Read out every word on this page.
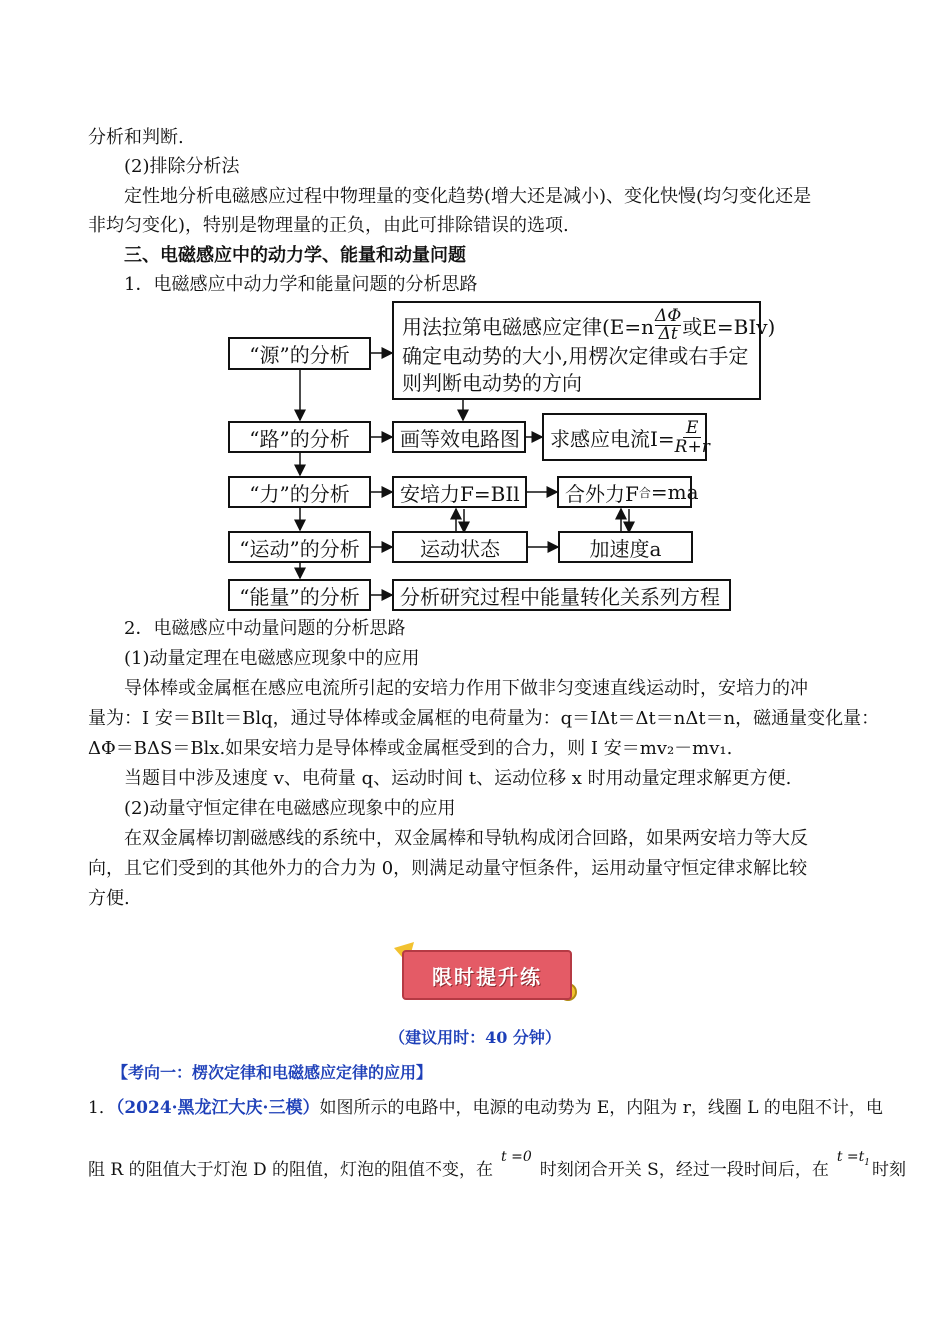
分析和判断.
(2)排除分析法
定性地分析电磁感应过程中物理量的变化趋势(增大还是减小)、变化快慢(均匀变化还是
非均匀变化)，特别是物理量的正负，由此可排除错误的选项.
三、电磁感应中的动力学、能量和动量问题
1．电磁感应中动力学和能量问题的分析思路
“源”的分析
“路”的分析
“力”的分析
“运动”的分析
“能量”的分析
用法拉第电磁感应定律(E=n ΔΦ
Δt 或E=BIv)
确定电动势的大小,用楞次定律或右手定
则判断电动势的方向
画等效电路图	求感应电流$I= \frac{E}{R+r}$
安培力F=BIl	合外力F 合 =ma
运动状态	加速度a
分析研究过程中能量转化关系列方程
2．电磁感应中动量问题的分析思路
(1)动量定理在电磁感应现象中的应用
导体棒或金属框在感应电流所引起的安培力作用下做非匀变速直线运动时，安培力的冲
量为：I 安＝BIlt＝Blq，通过导体棒或金属框的电荷量为：q＝IΔt＝Δt＝nΔt＝n，磁通量变化量：
ΔΦ＝BΔS＝Blx.如果安培力是导体棒或金属框受到的合力，则 I 安＝mv₂－mv₁.
当题目中涉及速度 v、电荷量 q、运动时间 t、运动位移 x 时用动量定理求解更方便.
(2)动量守恒定律在电磁感应现象中的应用
在双金属棒切割磁感线的系统中，双金属棒和导轨构成闭合回路，如果两安培力等大反
向，且它们受到的其他外力的合力为 0，则满足动量守恒条件，运用动量守恒定律求解比较
方便.
限时提升练
（建议用时：40 分钟）
【考向一：楞次定律和电磁感应定律的应用】
1．（2024·黑龙江大庆·三模）如图所示的电路中，电源的电动势为 E，内阻为 r，线圈 L 的电阻不计，电
阻 R 的阻值大于灯泡 D 的阻值，灯泡的阻值不变，在$^{t =0}$时刻闭合开关 S，经过一段时间后，在$^{t =t_1}$ 时刻
